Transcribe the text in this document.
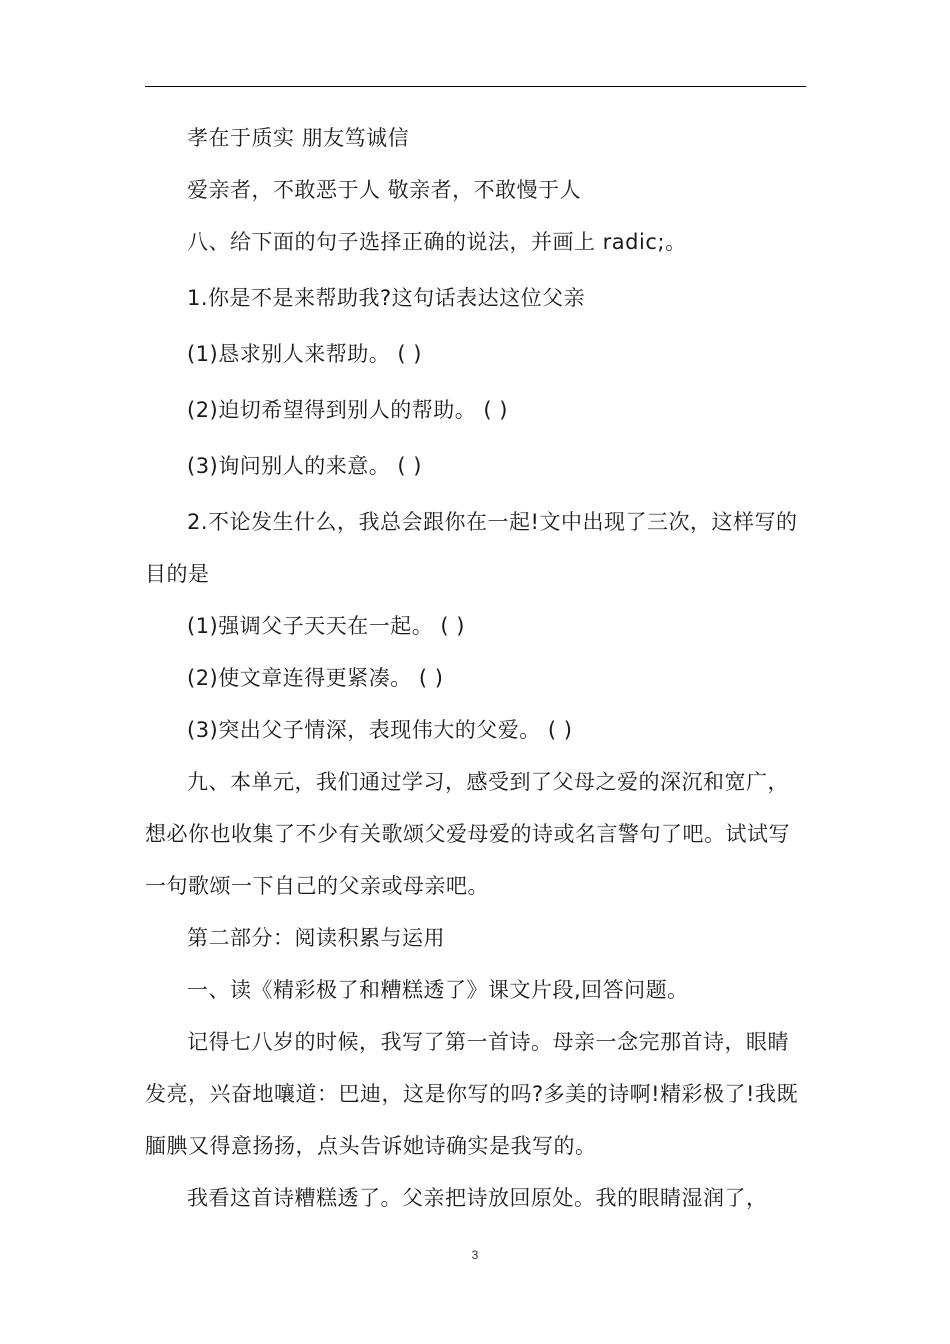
孝在于质实 朋友笃诚信

爱亲者，不敢恶于人 敬亲者，不敢慢于人

八、给下面的句子选择正确的说法，并画上 radic;。

1.你是不是来帮助我?这句话表达这位父亲

(1)恳求别人来帮助。 ( )

(2)迫切希望得到别人的帮助。 ( )

(3)询问别人的来意。 ( )

2.不论发生什么，我总会跟你在一起!文中出现了三次，这样写的目的是

(1)强调父子天天在一起。 ( )

(2)使文章连得更紧凑。 ( )

(3)突出父子情深，表现伟大的父爱。 ( )

九、本单元，我们通过学习，感受到了父母之爱的深沉和宽广，想必你也收集了不少有关歌颂父爱母爱的诗或名言警句了吧。试试写一句歌颂一下自己的父亲或母亲吧。

第二部分：阅读积累与运用

一、读《精彩极了和糟糕透了》课文片段,回答问题。

记得七八岁的时候，我写了第一首诗。母亲一念完那首诗，眼睛发亮，兴奋地嚷道：巴迪，这是你写的吗?多美的诗啊!精彩极了!我既腼腆又得意扬扬，点头告诉她诗确实是我写的。

我看这首诗糟糕透了。父亲把诗放回原处。我的眼睛湿润了，

3
